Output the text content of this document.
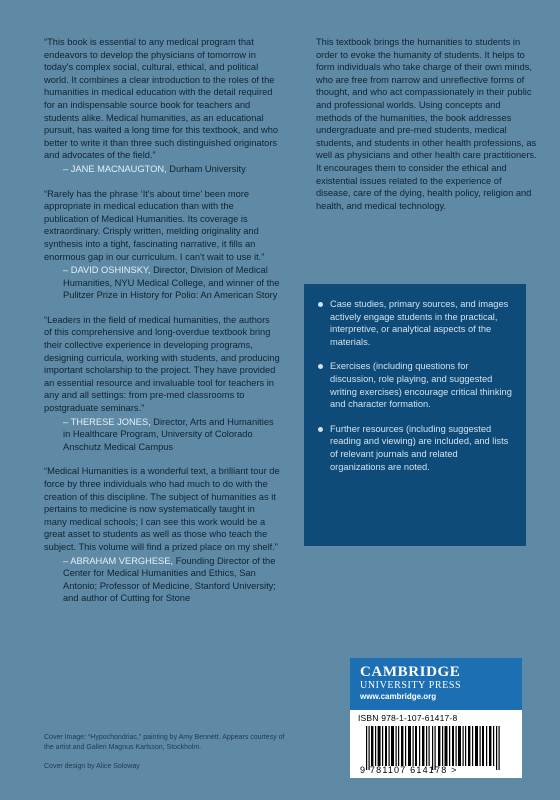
“This book is essential to any medical program that endeavors to develop the physicians of tomorrow in today's complex social, cultural, ethical, and political world. It combines a clear introduction to the roles of the humanities in medical education with the detail required for an indispensable source book for teachers and students alike. Medical humanities, as an educational pursuit, has waited a long time for this textbook, and who better to write it than three such distinguished originators and advocates of the field.”

– JANE MACNAUGTON, Durham University

“Rarely has the phrase ‘It's about time’ been more appropriate in medical education than with the publication of Medical Humanities. Its coverage is extraordinary. Crisply written, melding originality and synthesis into a tight, fascinating narrative, it fills an enormous gap in our curriculum. I can't wait to use it.”

– DAVID OSHINSKY, Director, Division of Medical Humanities, NYU Medical College, and winner of the Pulitzer Prize in History for Polio: An American Story

“Leaders in the field of medical humanities, the authors of this comprehensive and long-overdue textbook bring their collective experience in developing programs, designing curricula, working with students, and producing important scholarship to the project. They have provided an essential resource and invaluable tool for teachers in any and all settings: from pre-med classrooms to postgraduate seminars.”

– THERESE JONES, Director, Arts and Humanities in Healthcare Program, University of Colorado Anschutz Medical Campus

“Medical Humanities is a wonderful text, a brilliant tour de force by three individuals who had much to do with the creation of this discipline. The subject of humanities as it pertains to medicine is now systematically taught in many medical schools; I can see this work would be a great asset to students as well as those who teach the subject. This volume will find a prized place on my shelf.”

– ABRAHAM VERGHESE, Founding Director of the Center for Medical Humanities and Ethics, San Antonio; Professor of Medicine, Stanford University; and author of Cutting for Stone

This textbook brings the humanities to students in order to evoke the humanity of students. It helps to form individuals who take charge of their own minds, who are free from narrow and unreflective forms of thought, and who act compassionately in their public and professional worlds. Using concepts and methods of the humanities, the book addresses undergraduate and pre-med students, medical students, and students in other health professions, as well as physicians and other health care practitioners. It encourages them to consider the ethical and existential issues related to the experience of disease, care of the dying, health policy, religion and health, and medical technology.

Case studies, primary sources, and images actively engage students in the practical, interpretive, or analytical aspects of the materials.
Exercises (including questions for discussion, role playing, and suggested writing exercises) encourage critical thinking and character formation.
Further resources (including suggested reading and viewing) are included, and lists of relevant journals and related organizations are noted.

Cover Image: “Hypochondriac,” painting by Amy Bennett. Appears courtesy of the artist and Galleri Magnus Karlsson, Stockholm.

Cover design by Alice Soloway

CAMBRIDGE
UNIVERSITY PRESS
www.cambridge.org
ISBN 978-1-107-61417-8
9 781107 614178 >
